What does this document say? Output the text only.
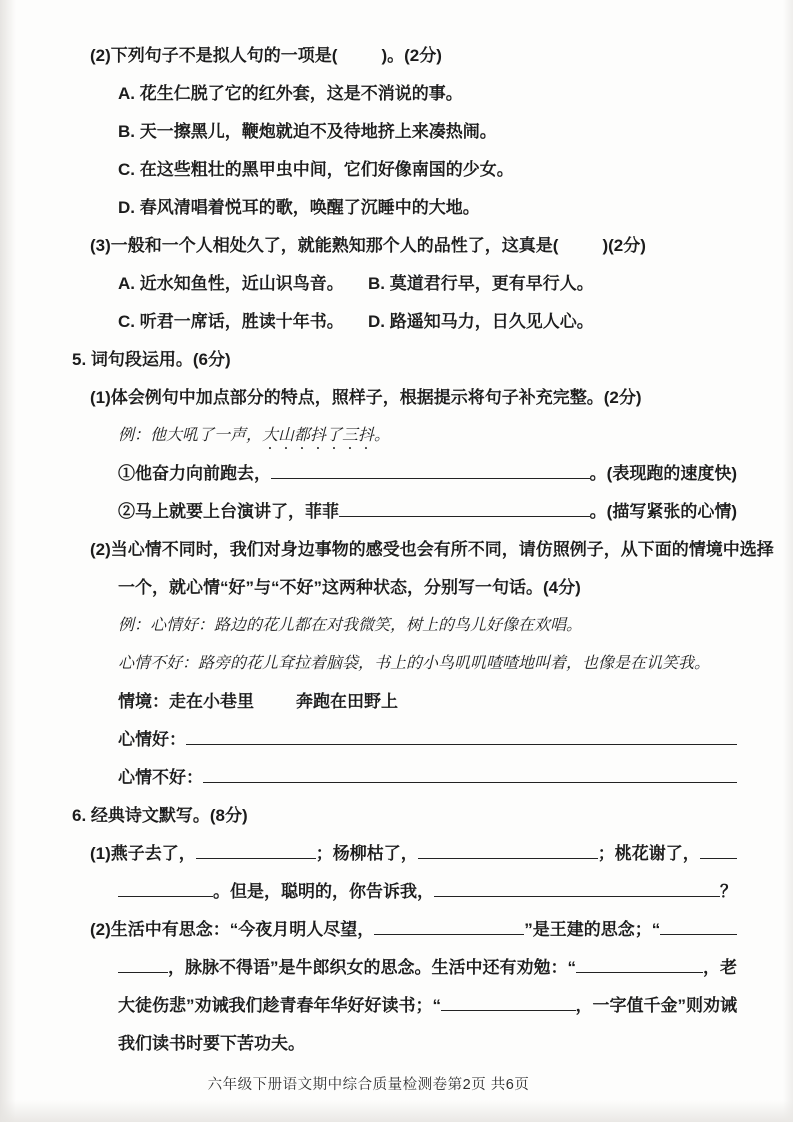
(2)下列句子不是拟人句的一项是(	)。(2分)
A. 花生仁脱了它的红外套，这是不消说的事。
B. 天一擦黑儿，鞭炮就迫不及待地挤上来凑热闹。
C. 在这些粗壮的黑甲虫中间，它们好像南国的少女。
D. 春风清唱着悦耳的歌，唤醒了沉睡中的大地。
(3)一般和一个人相处久了，就能熟知那个人的品性了，这真是(	)(2分)
A. 近水知鱼性，近山识鸟音。	B. 莫道君行早，更有早行人。
C. 听君一席话，胜读十年书。	D. 路遥知马力，日久见人心。
5. 词句段运用。(6分)
(1)体会例句中加点部分的特点，照样子，根据提示将句子补充完整。(2分)
例：他大吼了一声， 大山都抖了三抖 。
①他奋力向前跑去，	。(表现跑的速度快)
②马上就要上台演讲了，菲菲	。(描写紧张的心情)
(2)当心情不同时，我们对身边事物的感受也会有所不同，请仿照例子，从下面的情境中选择
一个，就心情“好”与“不好”这两种状态，分别写一句话。(4分)
例：心情好：路边的花儿都在对我微笑，树上的鸟儿好像在欢唱。
心情不好：路旁的花儿耷拉着脑袋，书上的小鸟叽叽喳喳地叫着，也像是在讥笑我。
情境：走在小巷里 奔跑在田野上
心情好：
心情不好：
6. 经典诗文默写。(8分)
(1)燕子去了，	；杨柳枯了，	；桃花谢了，
。但是，聪明的，你告诉我，	？
(2)生活中有思念：“今夜月明人尽望，	”是王建的思念；“
，脉脉不得语”是牛郎织女的思念。生活中还有劝勉：“	，老
大徒伤悲”劝诫我们趁青春年华好好读书；“	，一字值千金”则劝诫
我们读书时要下苦功夫。
六年级下册语文期中综合质量检测卷第2页 共6页
